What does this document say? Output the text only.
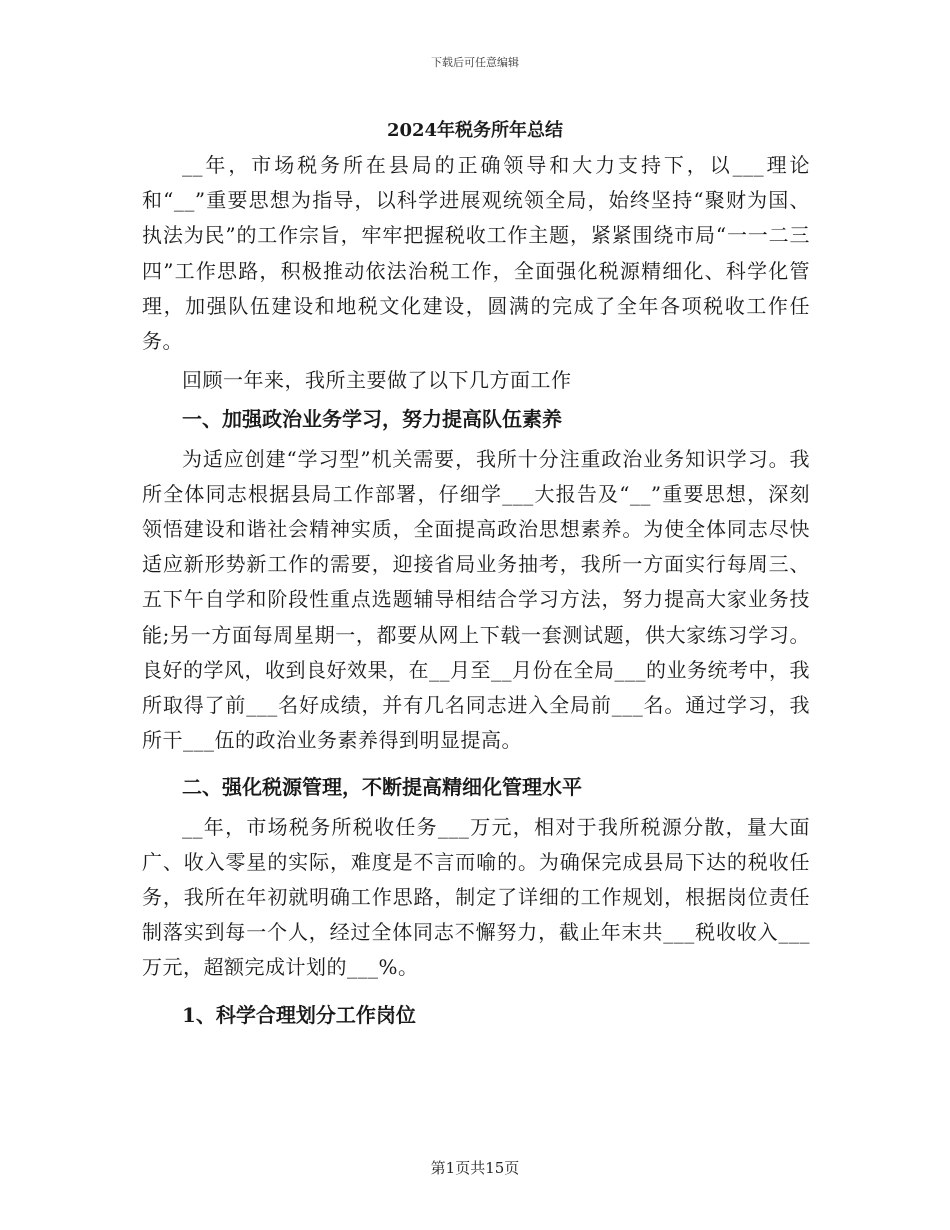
下载后可任意编辑
2024年税务所年总结

__年，市场税务所在县局的正确领导和大力支持下，以___理论和“__”重要思想为指导，以科学进展观统领全局，始终坚持“聚财为国、执法为民”的工作宗旨，牢牢把握税收工作主题，紧紧围绕市局“一一二三四”工作思路，积极推动依法治税工作，全面强化税源精细化、科学化管理，加强队伍建设和地税文化建设，圆满的完成了全年各项税收工作任务。

回顾一年来，我所主要做了以下几方面工作

一、加强政治业务学习，努力提高队伍素养

为适应创建“学习型”机关需要，我所十分注重政治业务知识学习。我所全体同志根据县局工作部署，仔细学___大报告及“__”重要思想，深刻领悟建设和谐社会精神实质，全面提高政治思想素养。为使全体同志尽快适应新形势新工作的需要，迎接省局业务抽考，我所一方面实行每周三、五下午自学和阶段性重点选题辅导相结合学习方法，努力提高大家业务技能;另一方面每周星期一，都要从网上下载一套测试题，供大家练习学习。良好的学风，收到良好效果，在__月至__月份在全局___的业务统考中，我所取得了前___名好成绩，并有几名同志进入全局前___名。通过学习，我所干___伍的政治业务素养得到明显提高。

二、强化税源管理，不断提高精细化管理水平

__年，市场税务所税收任务___万元，相对于我所税源分散，量大面广、收入零星的实际，难度是不言而喻的。为确保完成县局下达的税收任务，我所在年初就明确工作思路，制定了详细的工作规划，根据岗位责任制落实到每一个人，经过全体同志不懈努力，截止年末共___税收收入___万元，超额完成计划的___%。

1、科学合理划分工作岗位

第1页共15页
